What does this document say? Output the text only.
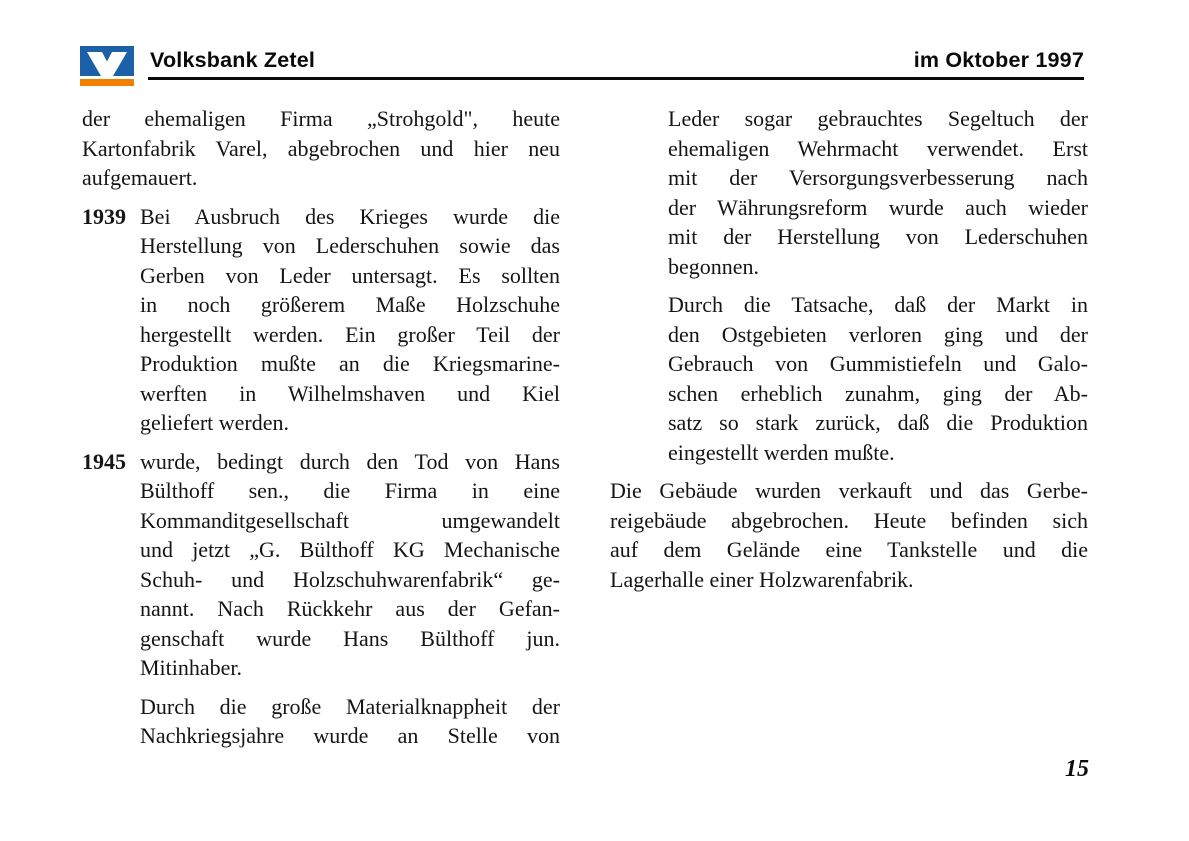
Volksbank Zetel	im Oktober 1997
der ehemaligen Firma „Strohgold", heute
Kartonfabrik Varel, abgebrochen und hier neu
aufgemauert.
1939 Bei Ausbruch des Krieges wurde die
Herstellung von Lederschuhen sowie das
Gerben von Leder untersagt. Es sollten
in noch größerem Maße Holzschuhe
hergestellt werden. Ein großer Teil der
Produktion mußte an die Kriegsmarine-
werften in Wilhelmshaven und Kiel
geliefert werden.
1945 wurde, bedingt durch den Tod von Hans
Bülthoff sen., die Firma in eine
Kommanditgesellschaft umgewandelt
und jetzt „G. Bülthoff KG Mechanische
Schuh- und Holzschuhwarenfabrik“ ge-
nannt. Nach Rückkehr aus der Gefan-
genschaft wurde Hans Bülthoff jun.
Mitinhaber.
Durch die große Materialknappheit der
Nachkriegsjahre wurde an Stelle von
Leder sogar gebrauchtes Segeltuch der
ehemaligen Wehrmacht verwendet. Erst
mit der Versorgungsverbesserung nach
der Währungsreform wurde auch wieder
mit der Herstellung von Lederschuhen
begonnen.
Durch die Tatsache, daß der Markt in
den Ostgebieten verloren ging und der
Gebrauch von Gummistiefeln und Galo-
schen erheblich zunahm, ging der Ab-
satz so stark zurück, daß die Produktion
eingestellt werden mußte.
Die Gebäude wurden verkauft und das Gerbe-
reigebäude abgebrochen. Heute befinden sich
auf dem Gelände eine Tankstelle und die
Lagerhalle einer Holzwarenfabrik.
15
